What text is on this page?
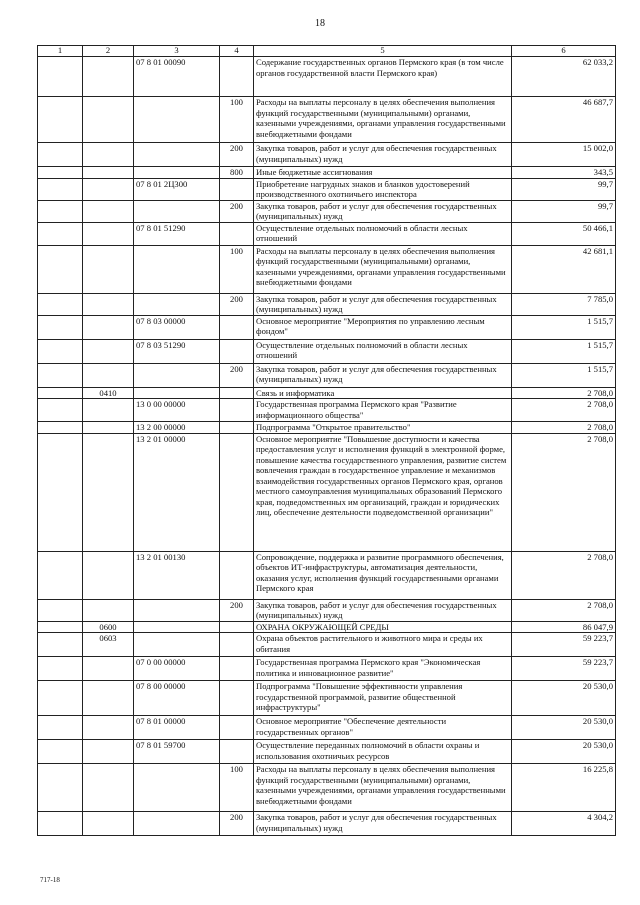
18
1	2	3	4	5	6
		07 8 01 00090		Содержание государственных органов Пермского края (в том числе органов государственной власти Пермского края)	62 033,2
			100	Расходы на выплаты персоналу в целях обеспечения выполнения функций государственными (муниципальными) органами, казенными учреждениями, органами управления государственными внебюджетными фондами	46 687,7
			200	Закупка товаров, работ и услуг для обеспечения государственных (муниципальных) нужд	15 002,0
			800	Иные бюджетные ассигнования	343,5
		07 8 01 2Ц300		Приобретение нагрудных знаков и бланков удостоверений производственного охотничьего инспектора	99,7
			200	Закупка товаров, работ и услуг для обеспечения государственных (муниципальных) нужд	99,7
		07 8 01 51290		Осуществление отдельных полномочий в области лесных отношений	50 466,1
			100	Расходы на выплаты персоналу в целях обеспечения выполнения функций государственными (муниципальными) органами, казенными учреждениями, органами управления государственными внебюджетными фондами	42 681,1
			200	Закупка товаров, работ и услуг для обеспечения государственных (муниципальных) нужд	7 785,0
		07 8 03 00000		Основное мероприятие "Мероприятия по управлению лесным фондом"	1 515,7
		07 8 03 51290		Осуществление отдельных полномочий в области лесных отношений	1 515,7
			200	Закупка товаров, работ и услуг для обеспечения государственных (муниципальных) нужд	1 515,7
	0410			Связь и информатика	2 708,0
		13 0 00 00000		Государственная программа Пермского края "Развитие информационного общества"	2 708,0
		13 2 00 00000		Подпрограмма "Открытое правительство"	2 708,0
		13 2 01 00000		Основное мероприятие "Повышение доступности и качества предоставления услуг и исполнения функций в электронной форме, повышение качества государственного управления, развитие систем вовлечения граждан в государственное управление и механизмов взаимодействия государственных органов Пермского края, органов местного самоуправления муниципальных образований Пермского края, подведомственных им организаций, граждан и юридических лиц, обеспечение деятельности подведомственной организации"	2 708,0
		13 2 01 00130		Сопровождение, поддержка и развитие программного обеспечения, объектов ИТ-инфраструктуры, автоматизация деятельности, оказания услуг, исполнения функций государственными органами Пермского края	2 708,0
			200	Закупка товаров, работ и услуг для обеспечения государственных (муниципальных) нужд	2 708,0
	0600			ОХРАНА ОКРУЖАЮЩЕЙ СРЕДЫ	86 047,9
	0603			Охрана объектов растительного и животного мира и среды их обитания	59 223,7
		07 0 00 00000		Государственная программа Пермского края "Экономическая политика и инновационное развитие"	59 223,7
		07 8 00 00000		Подпрограмма "Повышение эффективности управления государственной программой, развитие общественной инфраструктуры"	20 530,0
		07 8 01 00000		Основное мероприятие "Обеспечение деятельности государственных органов"	20 530,0
		07 8 01 59700		Осуществление переданных полномочий в области охраны и использования охотничьих ресурсов	20 530,0
			100	Расходы на выплаты персоналу в целях обеспечения выполнения функций государственными (муниципальными) органами, казенными учреждениями, органами управления государственными внебюджетными фондами	16 225,8
			200	Закупка товаров, работ и услуг для обеспечения государственных (муниципальных) нужд	4 304,2
717-18
